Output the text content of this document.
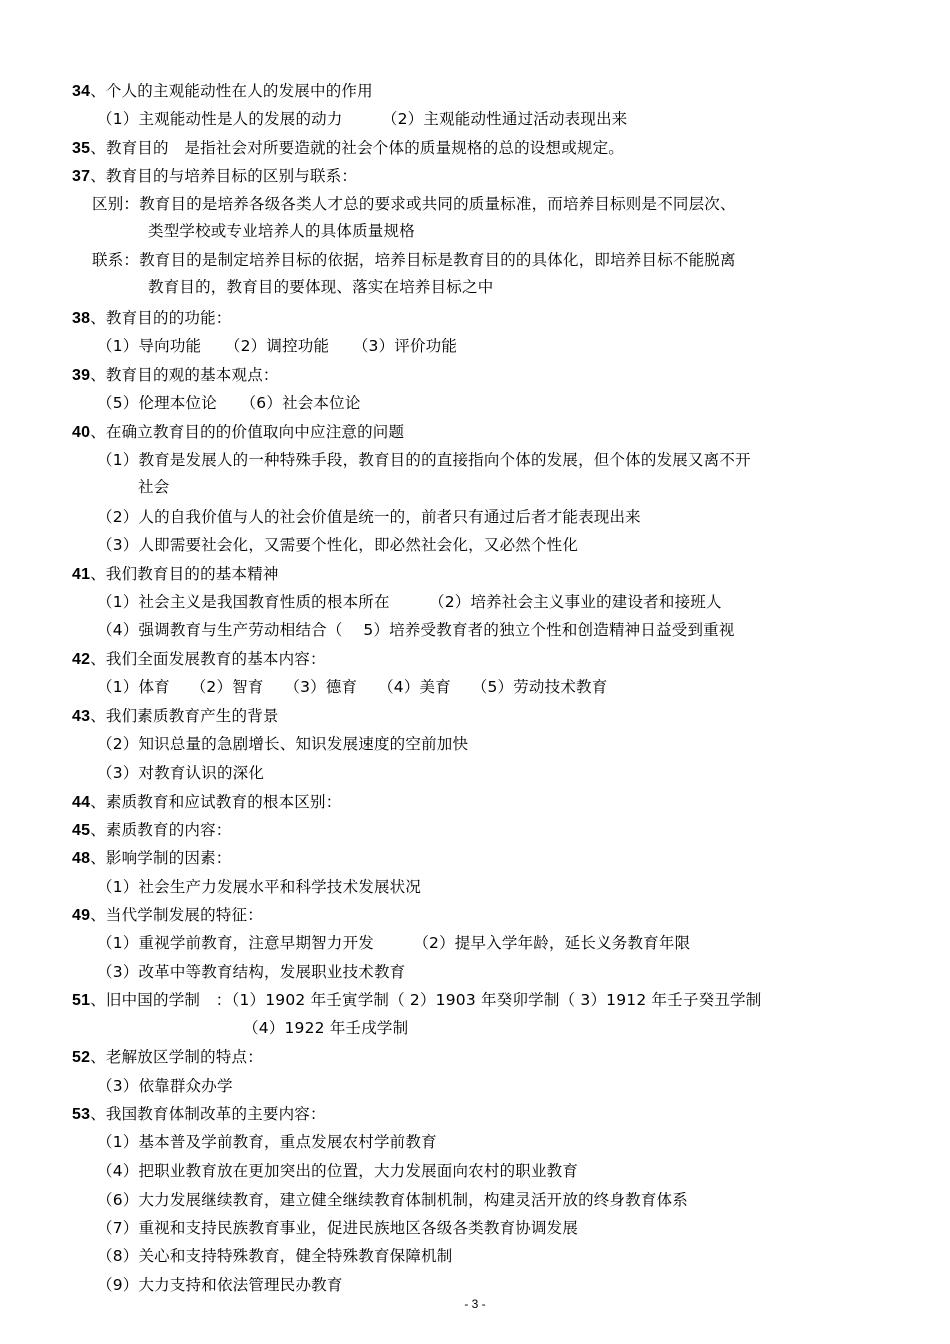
34、个人的主观能动性在人的发展中的作用
（1）主观能动性是人的发展的动力　　　（2）主观能动性通过活动表现出来
35、教育目的　是指社会对所要造就的社会个体的质量规格的总的设想或规定。
37、教育目的与培养目标的区别与联系：
区别：教育目的是培养各级各类人才总的要求或共同的质量标准，而培养目标则是不同层次、
类型学校或专业培养人的具体质量规格
联系：教育目的是制定培养目标的依据，培养目标是教育目的的具体化，即培养目标不能脱离
教育目的，教育目的要体现、落实在培养目标之中
38、教育目的的功能：
（1）导向功能　　（2）调控功能　　（3）评价功能
39、教育目的观的基本观点：
（5）伦理本位论　　（6）社会本位论
40、在确立教育目的的价值取向中应注意的问题
（1）教育是发展人的一种特殊手段，教育目的的直接指向个体的发展，但个体的发展又离不开
社会
（2）人的自我价值与人的社会价值是统一的，前者只有通过后者才能表现出来
（3）人即需要社会化，又需要个性化，即必然社会化，又必然个性化
41、我们教育目的的基本精神
（1）社会主义是我国教育性质的根本所在　　　（2）培养社会主义事业的建设者和接班人
（4）强调教育与生产劳动相结合（　 5）培养受教育者的独立个性和创造精神日益受到重视
42、我们全面发展教育的基本内容：
（1）体育　 （2）智育　 （3）德育　 （4）美育　 （5）劳动技术教育
43、我们素质教育产生的背景
（2）知识总量的急剧增长、知识发展速度的空前加快
（3）对教育认识的深化
44、素质教育和应试教育的根本区别：
45、素质教育的内容：
48、影响学制的因素：
（1）社会生产力发展水平和科学技术发展状况
49、当代学制发展的特征：
（1）重视学前教育，注意早期智力开发　　　（2）提早入学年龄，延长义务教育年限
（3）改革中等教育结构，发展职业技术教育
51、旧中国的学制　：（1）1902 年壬寅学制（ 2）1903 年癸卯学制（ 3）1912 年壬子癸丑学制
（4）1922 年壬戌学制
52、老解放区学制的特点：
（3）依靠群众办学
53、我国教育体制改革的主要内容：
（1）基本普及学前教育，重点发展农村学前教育
（4）把职业教育放在更加突出的位置，大力发展面向农村的职业教育
（6）大力发展继续教育，建立健全继续教育体制机制，构建灵活开放的终身教育体系
（7）重视和支持民族教育事业，促进民族地区各级各类教育协调发展
（8）关心和支持特殊教育，健全特殊教育保障机制
（9）大力支持和依法管理民办教育
- 3 -
